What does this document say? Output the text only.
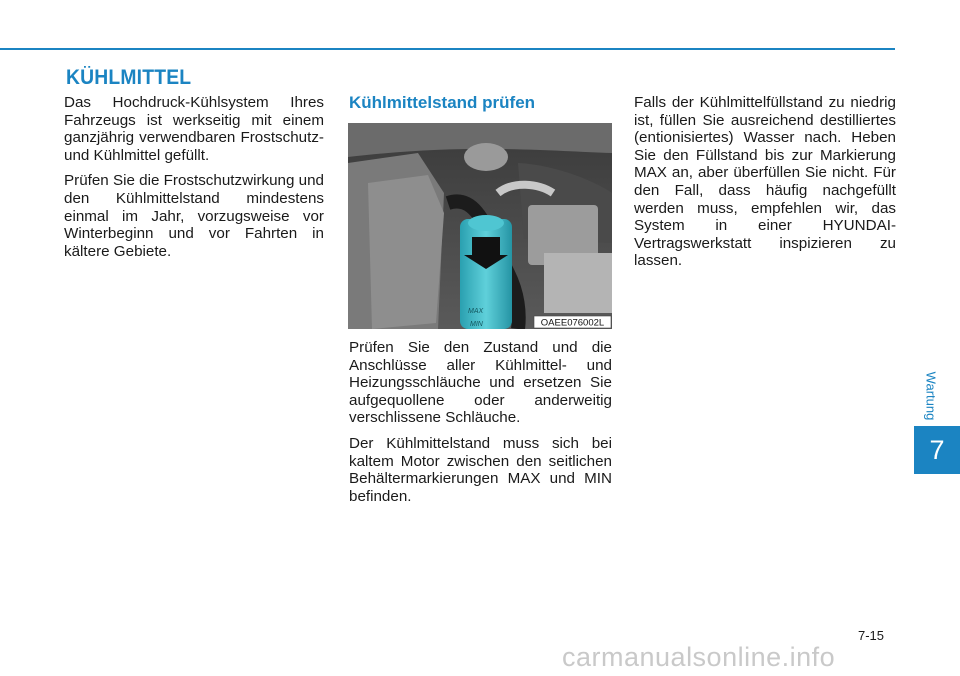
KÜHLMITTEL

Das Hochdruck-Kühlsystem Ihres Fahrzeugs ist werkseitig mit einem ganzjährig verwendbaren Frostschutz- und Kühlmittel gefüllt.

Prüfen Sie die Frostschutzwirkung und den Kühlmittelstand mindestens einmal im Jahr, vorzugsweise vor Winterbeginn und vor Fahrten in kältere Gebiete.

Kühlmittelstand prüfen
MAX
MIN	OAEE076002L

Prüfen Sie den Zustand und die Anschlüsse aller Kühlmittel- und Heizungsschläuche und ersetzen Sie aufgequollene oder anderweitig verschlissene Schläuche.

Der Kühlmittelstand muss sich bei kaltem Motor zwischen den seitlichen Behältermarkierungen MAX und MIN befinden.

Falls der Kühlmittelfüllstand zu niedrig ist, füllen Sie ausreichend destilliertes (entionisiertes) Wasser nach. Heben Sie den Füllstand bis zur Markierung MAX an, aber überfüllen Sie nicht. Für den Fall, dass häufig nachgefüllt werden muss, empfehlen wir, das System in einer HYUNDAI-Vertragswerkstatt inspizieren zu lassen.

Wartung
7
7-15
carmanualsonline.info
